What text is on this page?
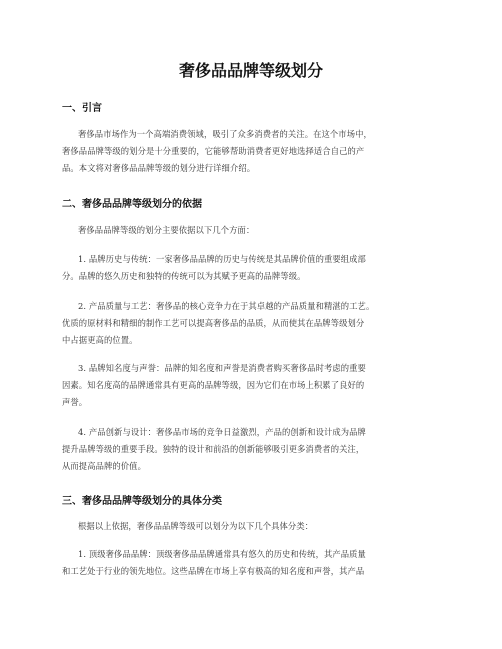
奢侈品品牌等级划分
一、引言

奢侈品市场作为一个高端消费领域，吸引了众多消费者的关注。在这个市场中，
奢侈品品牌等级的划分是十分重要的，它能够帮助消费者更好地选择适合自己的产
品。本文将对奢侈品品牌等级的划分进行详细介绍。

二、奢侈品品牌等级划分的依据

奢侈品品牌等级的划分主要依据以下几个方面：

1. 品牌历史与传统：一家奢侈品品牌的历史与传统是其品牌价值的重要组成部
分。品牌的悠久历史和独特的传统可以为其赋予更高的品牌等级。

2. 产品质量与工艺：奢侈品的核心竞争力在于其卓越的产品质量和精湛的工艺。
优质的原材料和精细的制作工艺可以提高奢侈品的品质，从而使其在品牌等级划分
中占据更高的位置。

3. 品牌知名度与声誉：品牌的知名度和声誉是消费者购买奢侈品时考虑的重要
因素。知名度高的品牌通常具有更高的品牌等级，因为它们在市场上积累了良好的
声誉。

4. 产品创新与设计：奢侈品市场的竞争日益激烈，产品的创新和设计成为品牌
提升品牌等级的重要手段。独特的设计和前沿的创新能够吸引更多消费者的关注，
从而提高品牌的价值。

三、奢侈品品牌等级划分的具体分类

根据以上依据，奢侈品品牌等级可以划分为以下几个具体分类：

1. 顶级奢侈品品牌：顶级奢侈品品牌通常具有悠久的历史和传统，其产品质量
和工艺处于行业的领先地位。这些品牌在市场上享有极高的知名度和声誉，其产品
